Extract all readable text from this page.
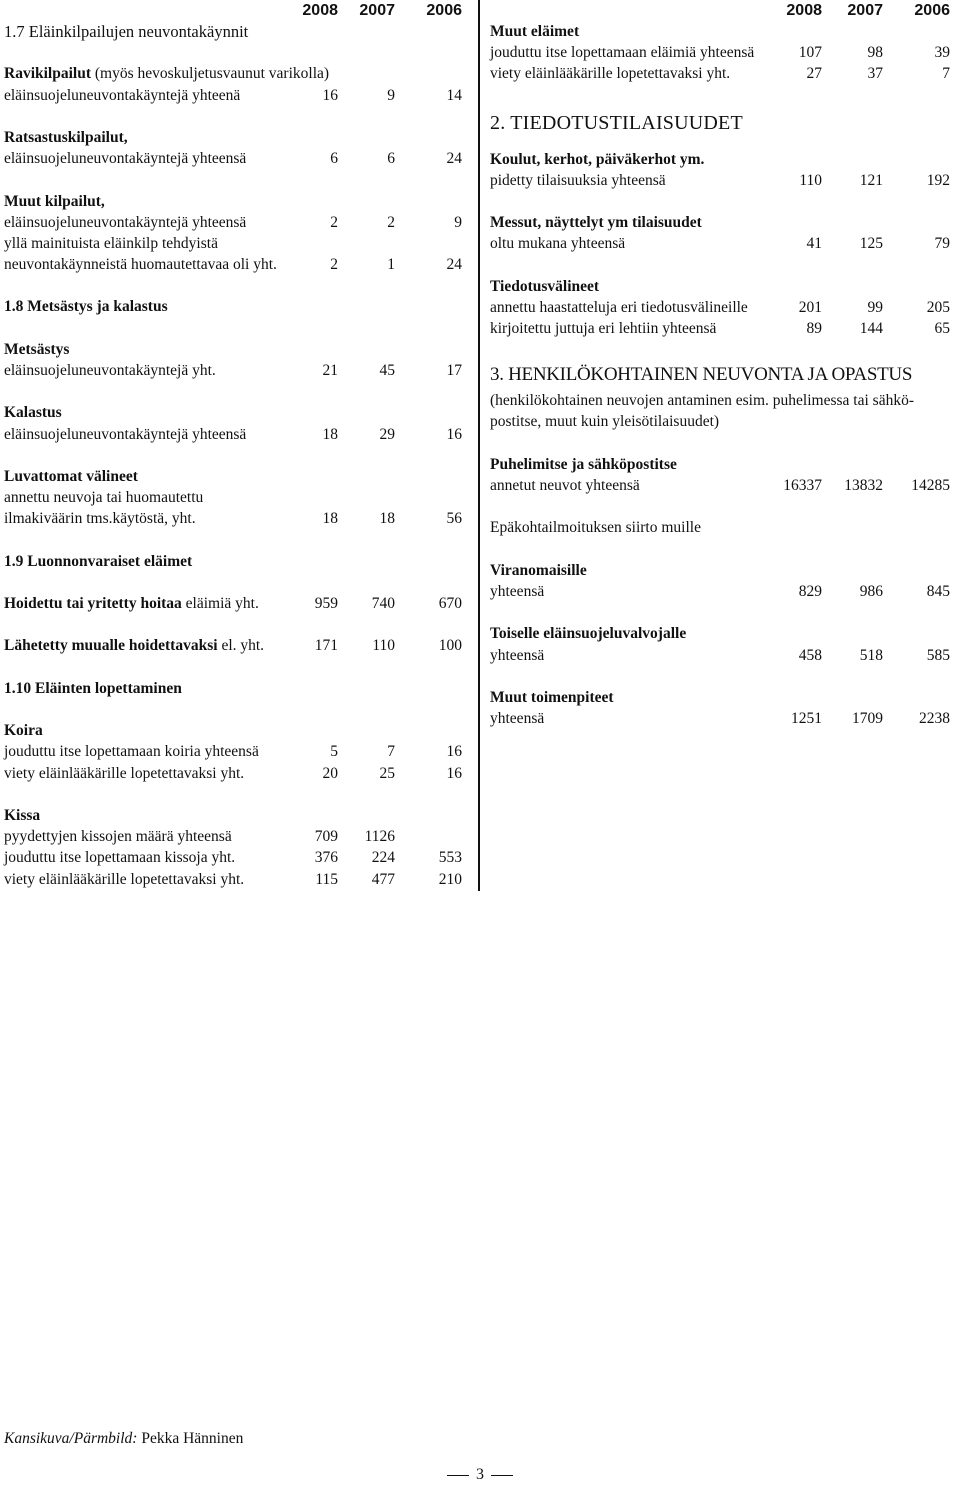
2008	2007	2006
1.7 Eläinkilpailujen neuvontakäynnit
Ravikilpailut (myös hevoskuljetusvaunut varikolla)
eläinsuojeluneuvontakäyntejä yhteenä	16	9	14
Ratsastuskilpailut,
eläinsuojeluneuvontakäyntejä yhteensä	6	6	24
Muut kilpailut,
eläinsuojeluneuvontakäyntejä yhteensä	2	2	9
yllä mainituista eläinkilp tehdyistä
neuvontakäynneistä huomautettavaa oli yht.	2	1	24
1.8 Metsästys ja kalastus
Metsästys
eläinsuojeluneuvontakäyntejä yht.	21	45	17
Kalastus
eläinsuojeluneuvontakäyntejä yhteensä	18	29	16
Luvattomat välineet
annettu neuvoja tai huomautettu
ilmakiväärin tms.käytöstä, yht.	18	18	56
1.9 Luonnonvaraiset eläimet
Hoidettu tai yritetty hoitaa eläimiä yht.	959	740	670
Lähetetty muualle hoidettavaksi el. yht.	171	110	100
1.10 Eläinten lopettaminen
Koira
jouduttu itse lopettamaan koiria yhteensä	5	7	16
viety eläinlääkärille lopetettavaksi yht.	20	25	16
Kissa
pyydettyjen kissojen määrä yhteensä	709	1126
jouduttu itse lopettamaan kissoja yht.	376	224	553
viety eläinlääkärille lopetettavaksi yht.	115	477	210
2008	2007	2006
Muut eläimet
jouduttu itse lopettamaan eläimiä yhteensä	107	98	39
viety eläinlääkärille lopetettavaksi yht.	27	37	7
2. TIEDOTUSTILAISUUDET
Koulut, kerhot, päiväkerhot ym.
pidetty tilaisuuksia yhteensä	110	121	192
Messut, näyttelyt ym tilaisuudet
oltu mukana yhteensä	41	125	79
Tiedotusvälineet
annettu haastatteluja eri tiedotusvälineille	201	99	205
kirjoitettu juttuja eri lehtiin yhteensä	89	144	65
3. HENKILÖKOHTAINEN NEUVONTA JA OPASTUS
(henkilökohtainen neuvojen antaminen esim. puhelimessa tai sähkö-
postitse, muut kuin yleisötilaisuudet)
Puhelimitse ja sähköpostitse
annetut neuvot yhteensä	16337	13832	14285
Epäkohtailmoituksen siirto muille
Viranomaisille
yhteensä	829	986	845
Toiselle eläinsuojeluvalvojalle
yhteensä	458	518	585
Muut toimenpiteet
yhteensä	1251	1709	2238
Kansikuva/Pärmbild: Pekka Hänninen
3
